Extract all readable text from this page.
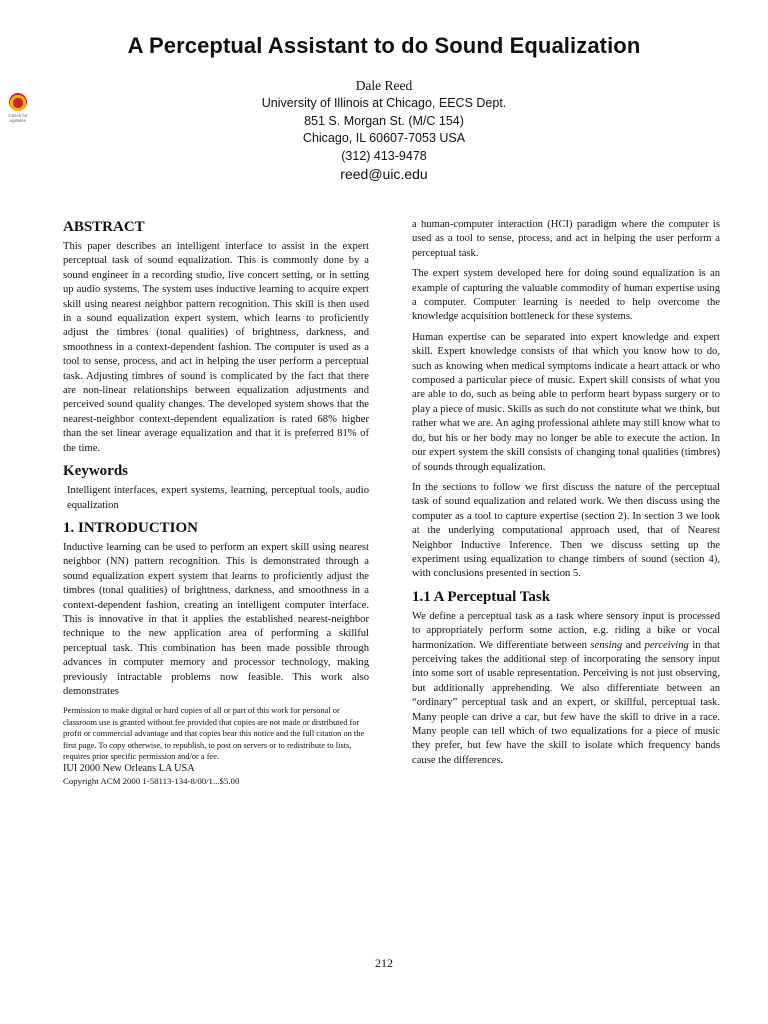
A Perceptual Assistant to do Sound Equalization
Check for
updates
Dale Reed
University of Illinois at Chicago, EECS Dept.
851 S. Morgan St. (M/C 154)
Chicago, IL 60607-7053 USA
(312) 413-9478
reed@uic.edu
ABSTRACT

This paper describes an intelligent interface to assist in the expert perceptual task of sound equalization. This is commonly done by a sound engineer in a recording studio, live concert setting, or in setting up audio systems. The system uses inductive learning to acquire expert skill using nearest neighbor pattern recognition. This skill is then used in a sound equalization expert system, which learns to proficiently adjust the timbres (tonal qualities) of brightness, darkness, and smoothness in a context-dependent fashion. The computer is used as a tool to sense, process, and act in helping the user perform a perceptual task. Adjusting timbres of sound is complicated by the fact that there are non-linear relationships between equalization adjustments and perceived sound quality changes. The developed system shows that the nearest-neighbor context-dependent equalization is rated 68% higher than the set linear average equalization and that it is preferred 81% of the time.

Keywords

Intelligent interfaces, expert systems, learning, perceptual tools, audio equalization

1. INTRODUCTION

Inductive learning can be used to perform an expert skill using nearest neighbor (NN) pattern recognition. This is demonstrated through a sound equalization expert system that learns to proficiently adjust the timbres (tonal qualities) of brightness, darkness, and smoothness in a context-dependent fashion, creating an intelligent computer interface. This is innovative in that it applies the established nearest-neighbor technique to the new application area of performing a skillful perceptual task. This combination has been made possible through advances in computer memory and processor technology, making previously intractable problems now feasible. This work also demonstrates

Permission to make digital or hard copies of all or part of this work for personal or classroom use is granted without fee provided that copies are not made or distributed for profit or commercial advantage and that copies bear this notice and the full citation on the first page. To copy otherwise, to republish, to post on servers or to redistribute to lists, requires prior specific permission and/or a fee.
IUI 2000 New Orleans LA USA
Copyright ACM 2000 1-58113-134-8/00/1...$5.00

a human-computer interaction (HCI) paradigm where the computer is used as a tool to sense, process, and act in helping the user perform a perceptual task.

The expert system developed here for doing sound equalization is an example of capturing the valuable commodity of human expertise using a computer. Computer learning is needed to help overcome the knowledge acquisition bottleneck for these systems.

Human expertise can be separated into expert knowledge and expert skill. Expert knowledge consists of that which you know how to do, such as knowing when medical symptoms indicate a heart attack or who composed a particular piece of music. Expert skill consists of what you are able to do, such as being able to perform heart bypass surgery or to play a piece of music. Skills as such do not constitute what we think, but rather what we are. An aging professional athlete may still know what to do, but his or her body may no longer be able to execute the action. In our expert system the skill consists of changing tonal qualities (timbres) of sounds through equalization.

In the sections to follow we first discuss the nature of the perceptual task of sound equalization and related work. We then discuss using the computer as a tool to capture expertise (section 2). In section 3 we look at the underlying computational approach used, that of Nearest Neighbor Inductive Inference. Then we discuss setting up the experiment using equalization to change timbers of sound (section 4), with conclusions presented in section 5.

1.1 A Perceptual Task

We define a perceptual task as a task where sensory input is processed to appropriately perform some action, e.g. riding a bike or vocal harmonization. We differentiate between sensing and perceiving in that perceiving takes the additional step of incorporating the sensory input into some sort of usable representation. Perceiving is not just observing, but additionally apprehending. We also differentiate between an “ordinary” perceptual task and an expert, or skillful, perceptual task. Many people can drive a car, but few have the skill to drive in a race. Many people can tell which of two equalizations for a piece of music they prefer, but few have the skill to isolate which frequency bands cause the differences.

212
